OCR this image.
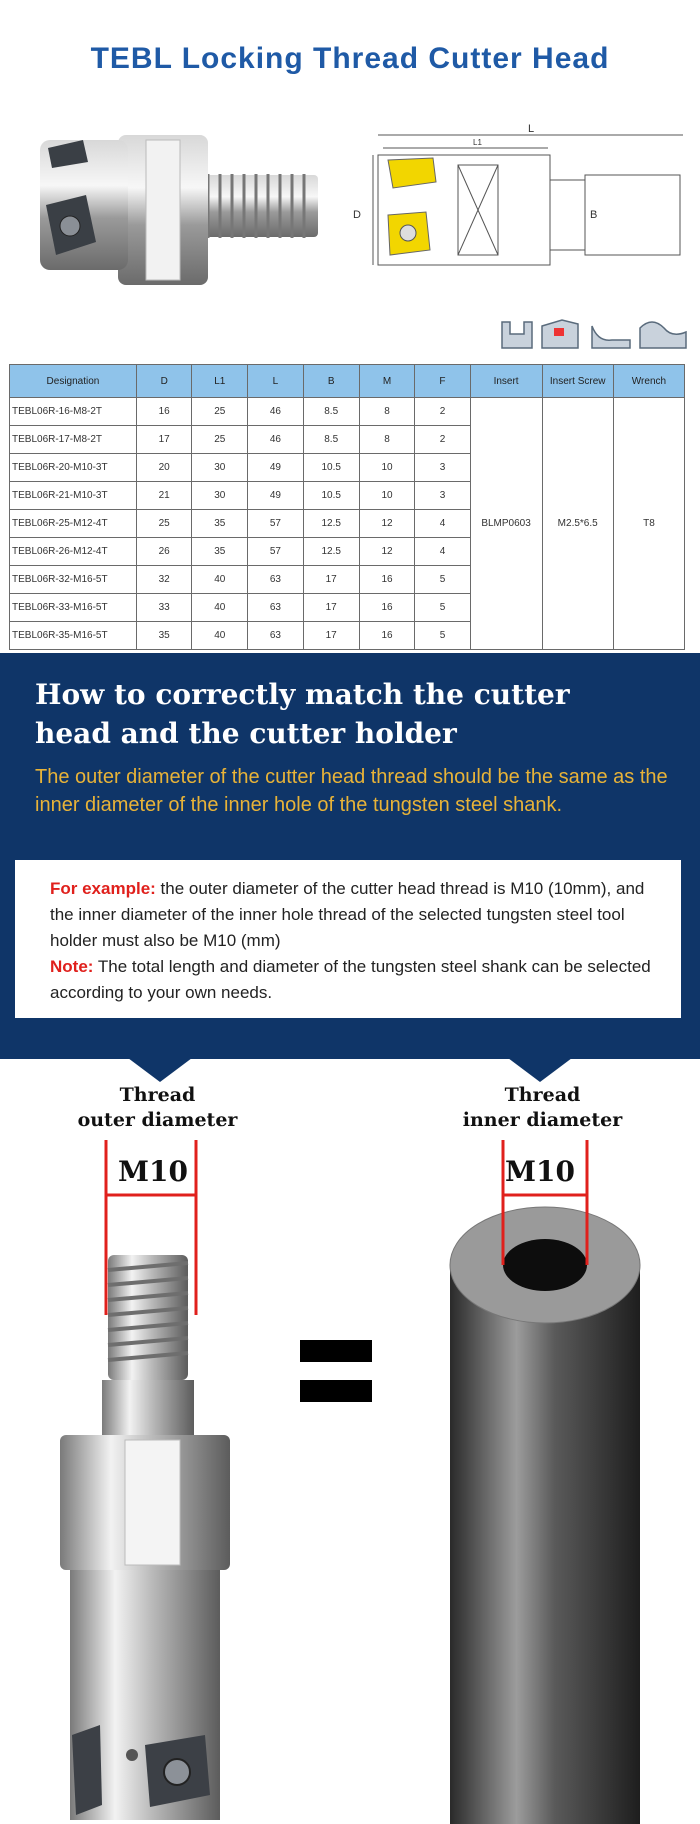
TEBL Locking Thread Cutter Head
L
L1
D	B
Designation	D	L1	L	B	M	F	Insert	Insert Screw	Wrench
TEBL06R-16-M8-2T	16	25	46	8.5	8	2	BLMP0603	M2.5*6.5	T8
TEBL06R-17-M8-2T	17	25	46	8.5	8	2			
TEBL06R-20-M10-3T	20	30	49	10.5	10	3			
TEBL06R-21-M10-3T	21	30	49	10.5	10	3			
TEBL06R-25-M12-4T	25	35	57	12.5	12	4			
TEBL06R-26-M12-4T	26	35	57	12.5	12	4			
TEBL06R-32-M16-5T	32	40	63	17	16	5			
TEBL06R-33-M16-5T	33	40	63	17	16	5			
TEBL06R-35-M16-5T	35	40	63	17	16	5			
How to correctly match the cutter
head and the cutter holder
The outer diameter of the cutter head thread should be the same as the inner diameter of the inner hole of the tungsten steel shank.
For example: the outer diameter of the cutter head thread is M10 (10mm), and the inner diameter of the inner hole thread of the selected tungsten steel tool holder must also be M10 (mm)
Note: The total length and diameter of the tungsten steel shank can be selected according to your own needs.
Thread
outer diameter
Thread
inner diameter
M10	M10
